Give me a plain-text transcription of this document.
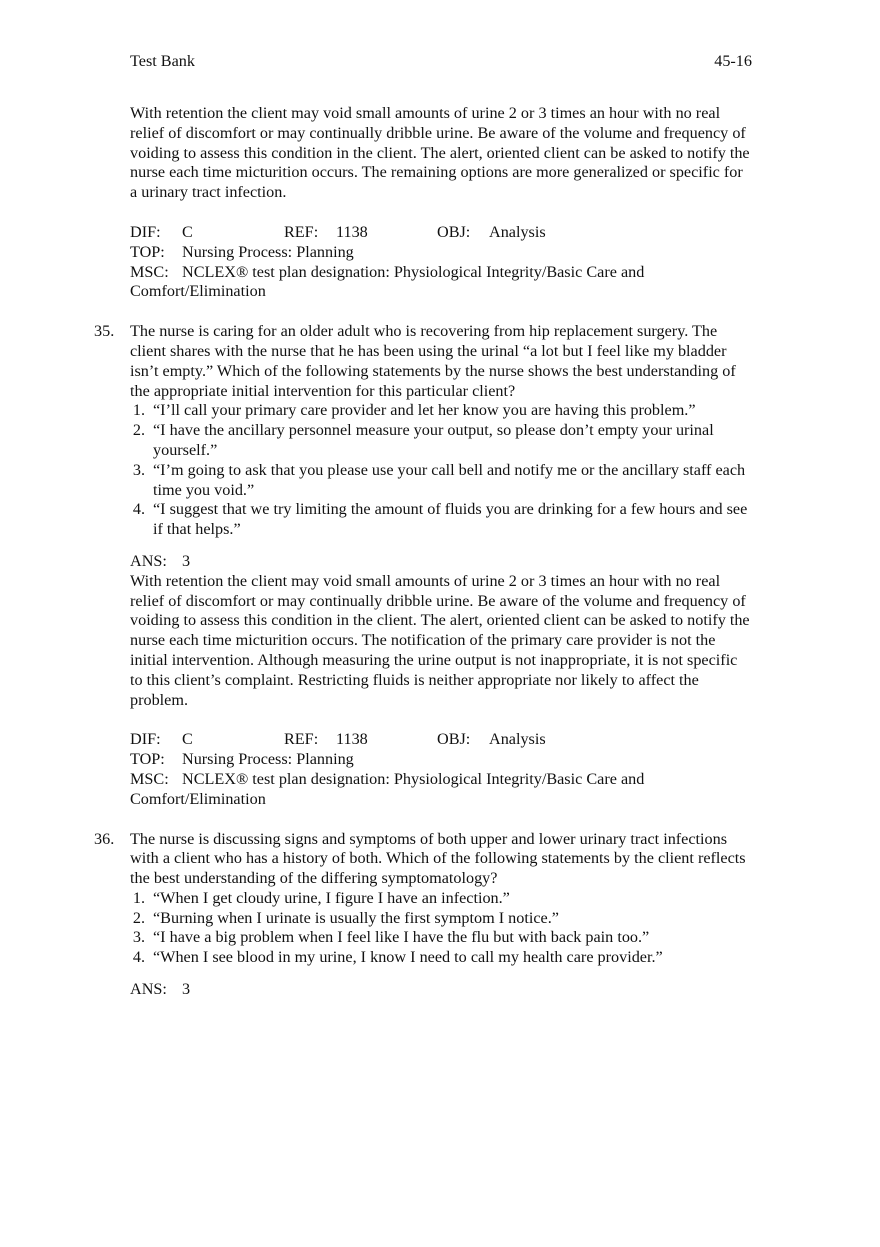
Test Bank	45-16

With retention the client may void small amounts of urine 2 or 3 times an hour with no real relief of discomfort or may continually dribble urine. Be aware of the volume and frequency of voiding to assess this condition in the client. The alert, oriented client can be asked to notify the nurse each time micturition occurs. The remaining options are more generalized or specific for a urinary tract infection.

DIF: C	REF: 1138	OBJ: Analysis
TOP:	Nursing Process: Planning
MSC: NCLEX® test plan designation: Physiological Integrity/Basic Care and
Comfort/Elimination
35. The nurse is caring for an older adult who is recovering from hip replacement surgery. The client shares with the nurse that he has been using the urinal “a lot but I feel like my bladder isn’t empty.” Which of the following statements by the nurse shows the best understanding of the appropriate initial intervention for this particular client?

1. “I’ll call your primary care provider and let her know you are having this problem.”
2. “I have the ancillary personnel measure your output, so please don’t empty your urinal yourself.”
3. “I’m going to ask that you please use your call bell and notify me or the ancillary staff each time you void.”
4. “I suggest that we try limiting the amount of fluids you are drinking for a few hours and see if that helps.”
ANS: 3

With retention the client may void small amounts of urine 2 or 3 times an hour with no real relief of discomfort or may continually dribble urine. Be aware of the volume and frequency of voiding to assess this condition in the client. The alert, oriented client can be asked to notify the nurse each time micturition occurs. The notification of the primary care provider is not the initial intervention. Although measuring the urine output is not inappropriate, it is not specific to this client’s complaint. Restricting fluids is neither appropriate nor likely to affect the problem.

DIF: C	REF: 1138	OBJ: Analysis
TOP:	Nursing Process: Planning
MSC: NCLEX® test plan designation: Physiological Integrity/Basic Care and
Comfort/Elimination
36. The nurse is discussing signs and symptoms of both upper and lower urinary tract infections with a client who has a history of both. Which of the following statements by the client reflects the best understanding of the differing symptomatology?

1. “When I get cloudy urine, I figure I have an infection.”
2. “Burning when I urinate is usually the first symptom I notice.”
3. “I have a big problem when I feel like I have the flu but with back pain too.”
4. “When I see blood in my urine, I know I need to call my health care provider.”
ANS: 3
